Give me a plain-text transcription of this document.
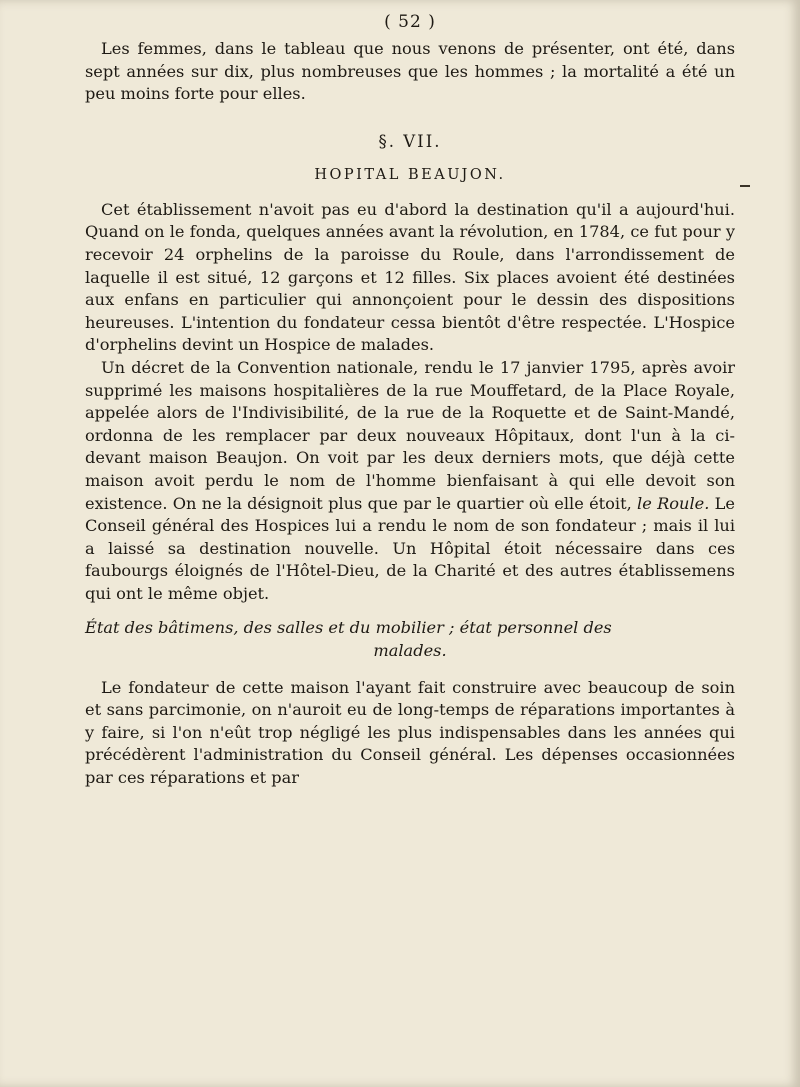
( 52 )

Les femmes, dans le tableau que nous venons de présenter, ont été, dans sept années sur dix, plus nombreuses que les hommes ; la mortalité a été un peu moins forte pour elles.

§. VII.
HOPITAL BEAUJON.

Cet établissement n'avoit pas eu d'abord la destination qu'il a aujourd'hui. Quand on le fonda, quelques années avant la révolution, en 1784, ce fut pour y recevoir 24 orphelins de la paroisse du Roule, dans l'arrondissement de laquelle il est situé, 12 garçons et 12 filles. Six places avoient été destinées aux enfans en particulier qui annonçoient pour le dessin des dispositions heureuses. L'intention du fondateur cessa bientôt d'être respectée. L'Hospice d'orphelins devint un Hospice de malades.

Un décret de la Convention nationale, rendu le 17 janvier 1795, après avoir supprimé les maisons hospitalières de la rue Mouffetard, de la Place Royale, appelée alors de l'Indivisibilité, de la rue de la Roquette et de Saint-Mandé, ordonna de les remplacer par deux nouveaux Hôpitaux, dont l'un à la ci-devant maison Beaujon. On voit par les deux derniers mots, que déjà cette maison avoit perdu le nom de l'homme bienfaisant à qui elle devoit son existence. On ne la désignoit plus que par le quartier où elle étoit, le Roule. Le Conseil général des Hospices lui a rendu le nom de son fondateur ; mais il lui a laissé sa destination nouvelle. Un Hôpital étoit nécessaire dans ces faubourgs éloignés de l'Hôtel-Dieu, de la Charité et des autres établissemens qui ont le même objet.

État des bâtimens, des salles et du mobilier ; état personnel des
malades.

Le fondateur de cette maison l'ayant fait construire avec beaucoup de soin et sans parcimonie, on n'auroit eu de long-temps de réparations importantes à y faire, si l'on n'eût trop négligé les plus indispensables dans les années qui précédèrent l'administration du Conseil général. Les dépenses occasionnées par ces réparations et par
